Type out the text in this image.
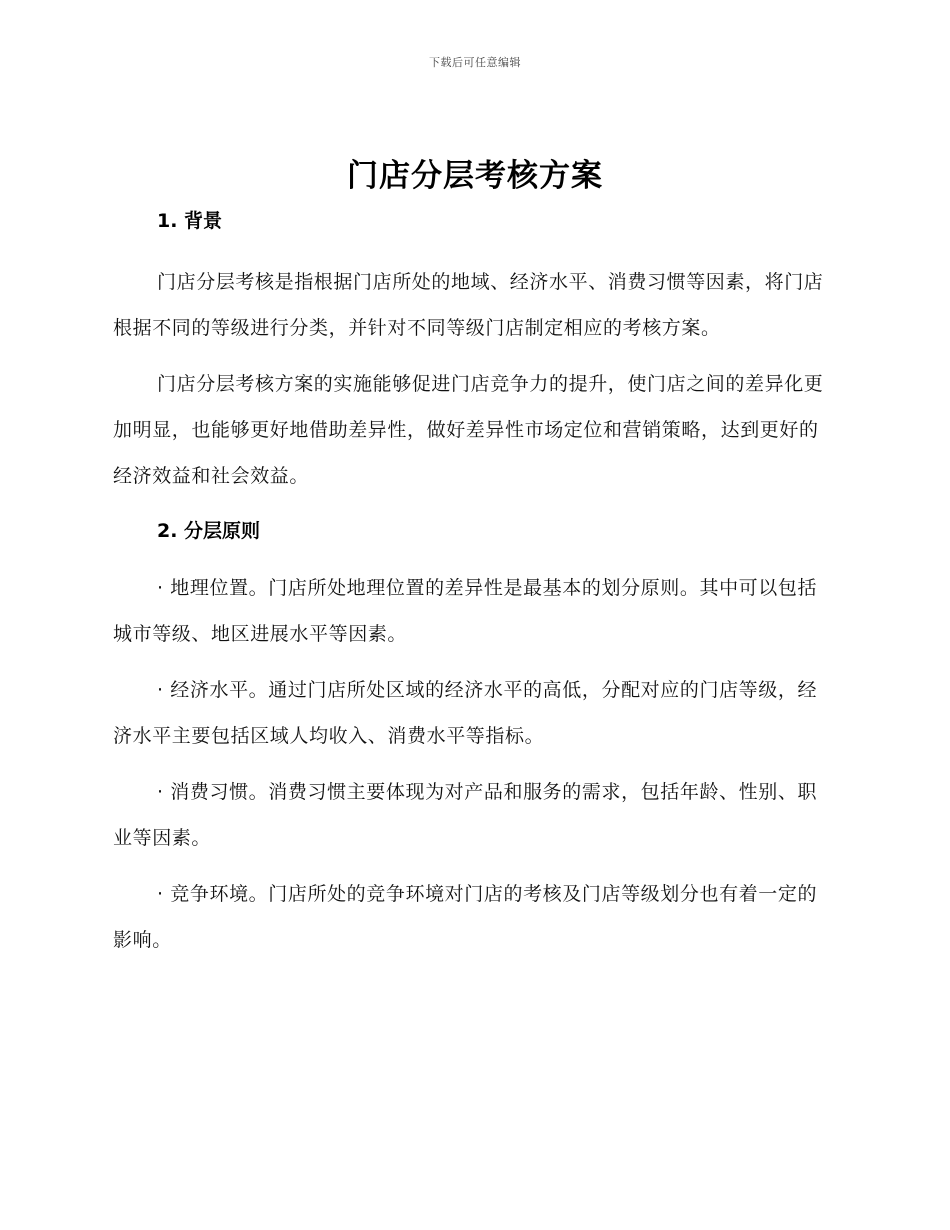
下载后可任意编辑
门店分层考核方案
1. 背景

门店分层考核是指根据门店所处的地域、经济水平、消费习惯等因素，将门店根据不同的等级进行分类，并针对不同等级门店制定相应的考核方案。

门店分层考核方案的实施能够促进门店竞争力的提升，使门店之间的差异化更加明显，也能够更好地借助差异性，做好差异性市场定位和营销策略，达到更好的经济效益和社会效益。

2. 分层原则

· 地理位置。门店所处地理位置的差异性是最基本的划分原则。其中可以包括城市等级、地区进展水平等因素。

· 经济水平。通过门店所处区域的经济水平的高低，分配对应的门店等级，经济水平主要包括区域人均收入、消费水平等指标。

· 消费习惯。消费习惯主要体现为对产品和服务的需求，包括年龄、性别、职业等因素。

· 竞争环境。门店所处的竞争环境对门店的考核及门店等级划分也有着一定的影响。
